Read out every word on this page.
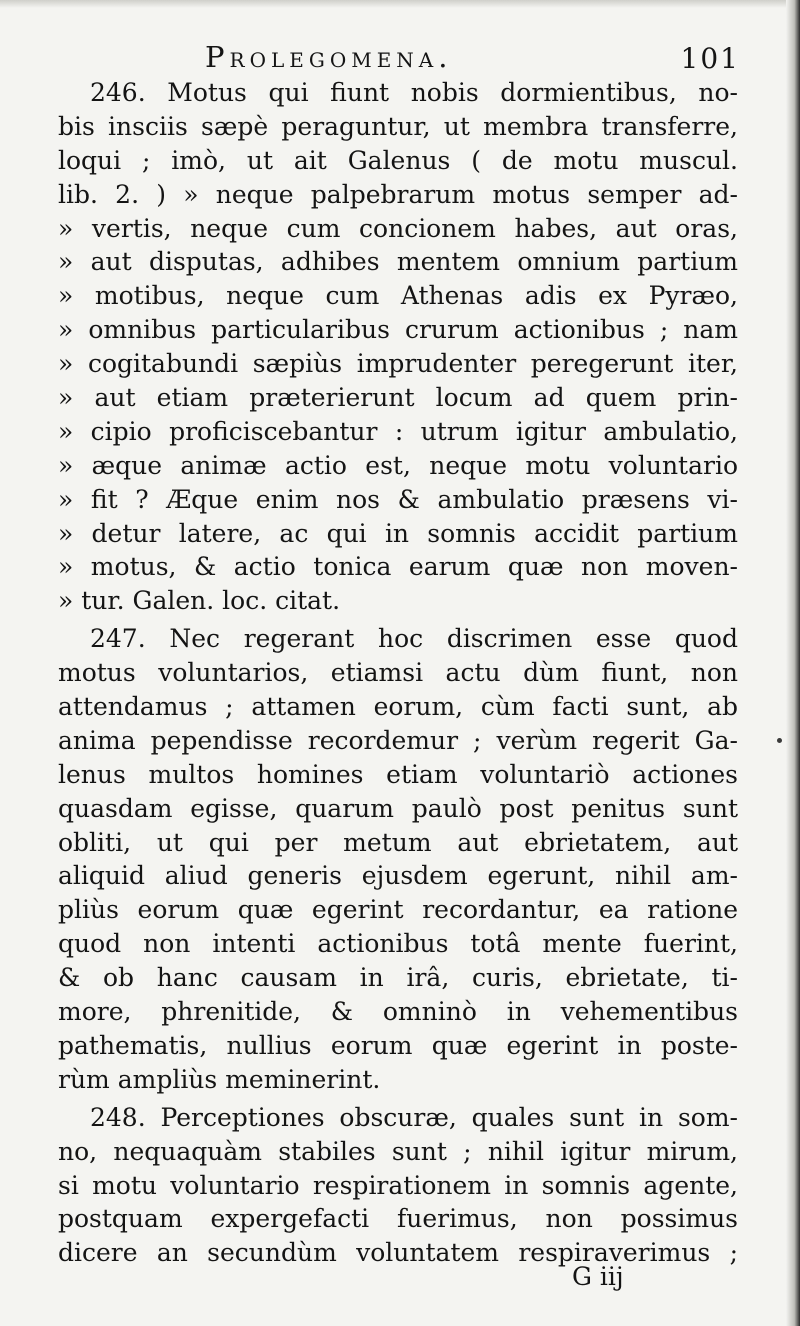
Prolegomena.	101
246. Motus qui fiunt nobis dormientibus, no-
bis insciis sæpè peraguntur, ut membra transferre,
loqui ; imò, ut ait Galenus ( de motu muscul.
lib. 2. ) » neque palpebrarum motus semper ad-
» vertis, neque cum concionem habes, aut oras,
» aut disputas, adhibes mentem omnium partium
» motibus, neque cum Athenas adis ex Pyræo,
» omnibus particularibus crurum actionibus ; nam
» cogitabundi sæpiùs imprudenter peregerunt iter,
» aut etiam præterierunt locum ad quem prin-
» cipio proficiscebantur : utrum igitur ambulatio,
» æque animæ actio est, neque motu voluntario
» fit ? Æque enim nos & ambulatio præsens vi-
» detur latere, ac qui in somnis accidit partium
» motus, & actio tonica earum quæ non moven-
» tur. Galen. loc. citat.
247. Nec regerant hoc discrimen esse quod
motus voluntarios, etiamsi actu dùm fiunt, non
attendamus ; attamen eorum, cùm facti sunt, ab
anima pependisse recordemur ; verùm regerit Ga-
lenus multos homines etiam voluntariò actiones
quasdam egisse, quarum paulò post penitus sunt
obliti, ut qui per metum aut ebrietatem, aut
aliquid aliud generis ejusdem egerunt, nihil am-
pliùs eorum quæ egerint recordantur, ea ratione
quod non intenti actionibus totâ mente fuerint,
& ob hanc causam in irâ, curis, ebrietate, ti-
more, phrenitide, & omninò in vehementibus
pathematis, nullius eorum quæ egerint in poste-
rùm ampliùs meminerint.
248. Perceptiones obscuræ, quales sunt in som-
no, nequaquàm stabiles sunt ; nihil igitur mirum,
si motu voluntario respirationem in somnis agente,
postquam expergefacti fuerimus, non possimus
dicere an secundùm voluntatem respiraverimus ;
G iij
